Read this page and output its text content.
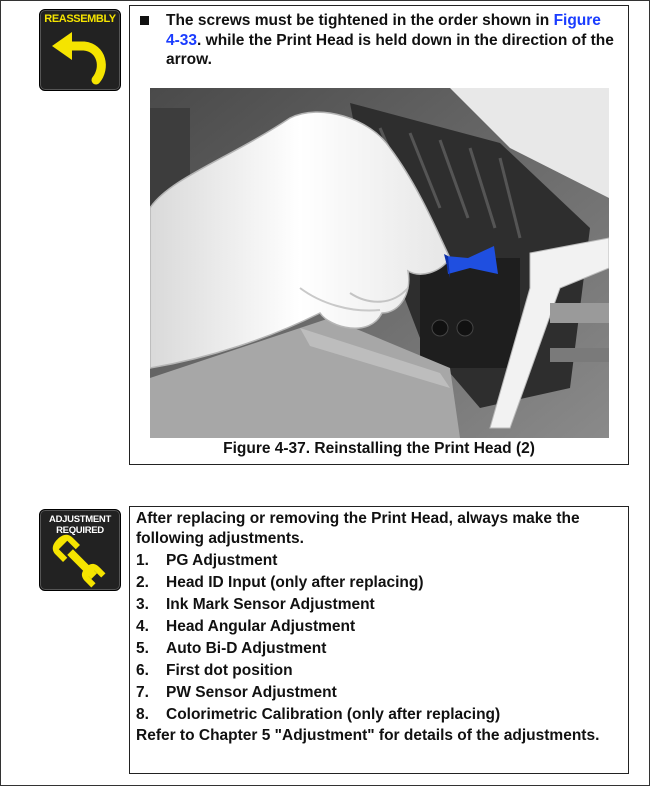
REASSEMBLY	The screws must be tightened in the order shown in Figure 4-33. while the Print Head is held down in the direction of the arrow.
Figure 4-37. Reinstalling the Print Head (2)
ADJUSTMENT
REQUIRED
After replacing or removing the Print Head, always make the following adjustments.
1.	PG Adjustment
2.	Head ID Input (only after replacing)
3.	Ink Mark Sensor Adjustment
4.	Head Angular Adjustment
5.	Auto Bi-D Adjustment
6.	First dot position
7.	PW Sensor Adjustment
8.	Colorimetric Calibration (only after replacing)
Refer to Chapter 5 "Adjustment" for details of the adjustments.
